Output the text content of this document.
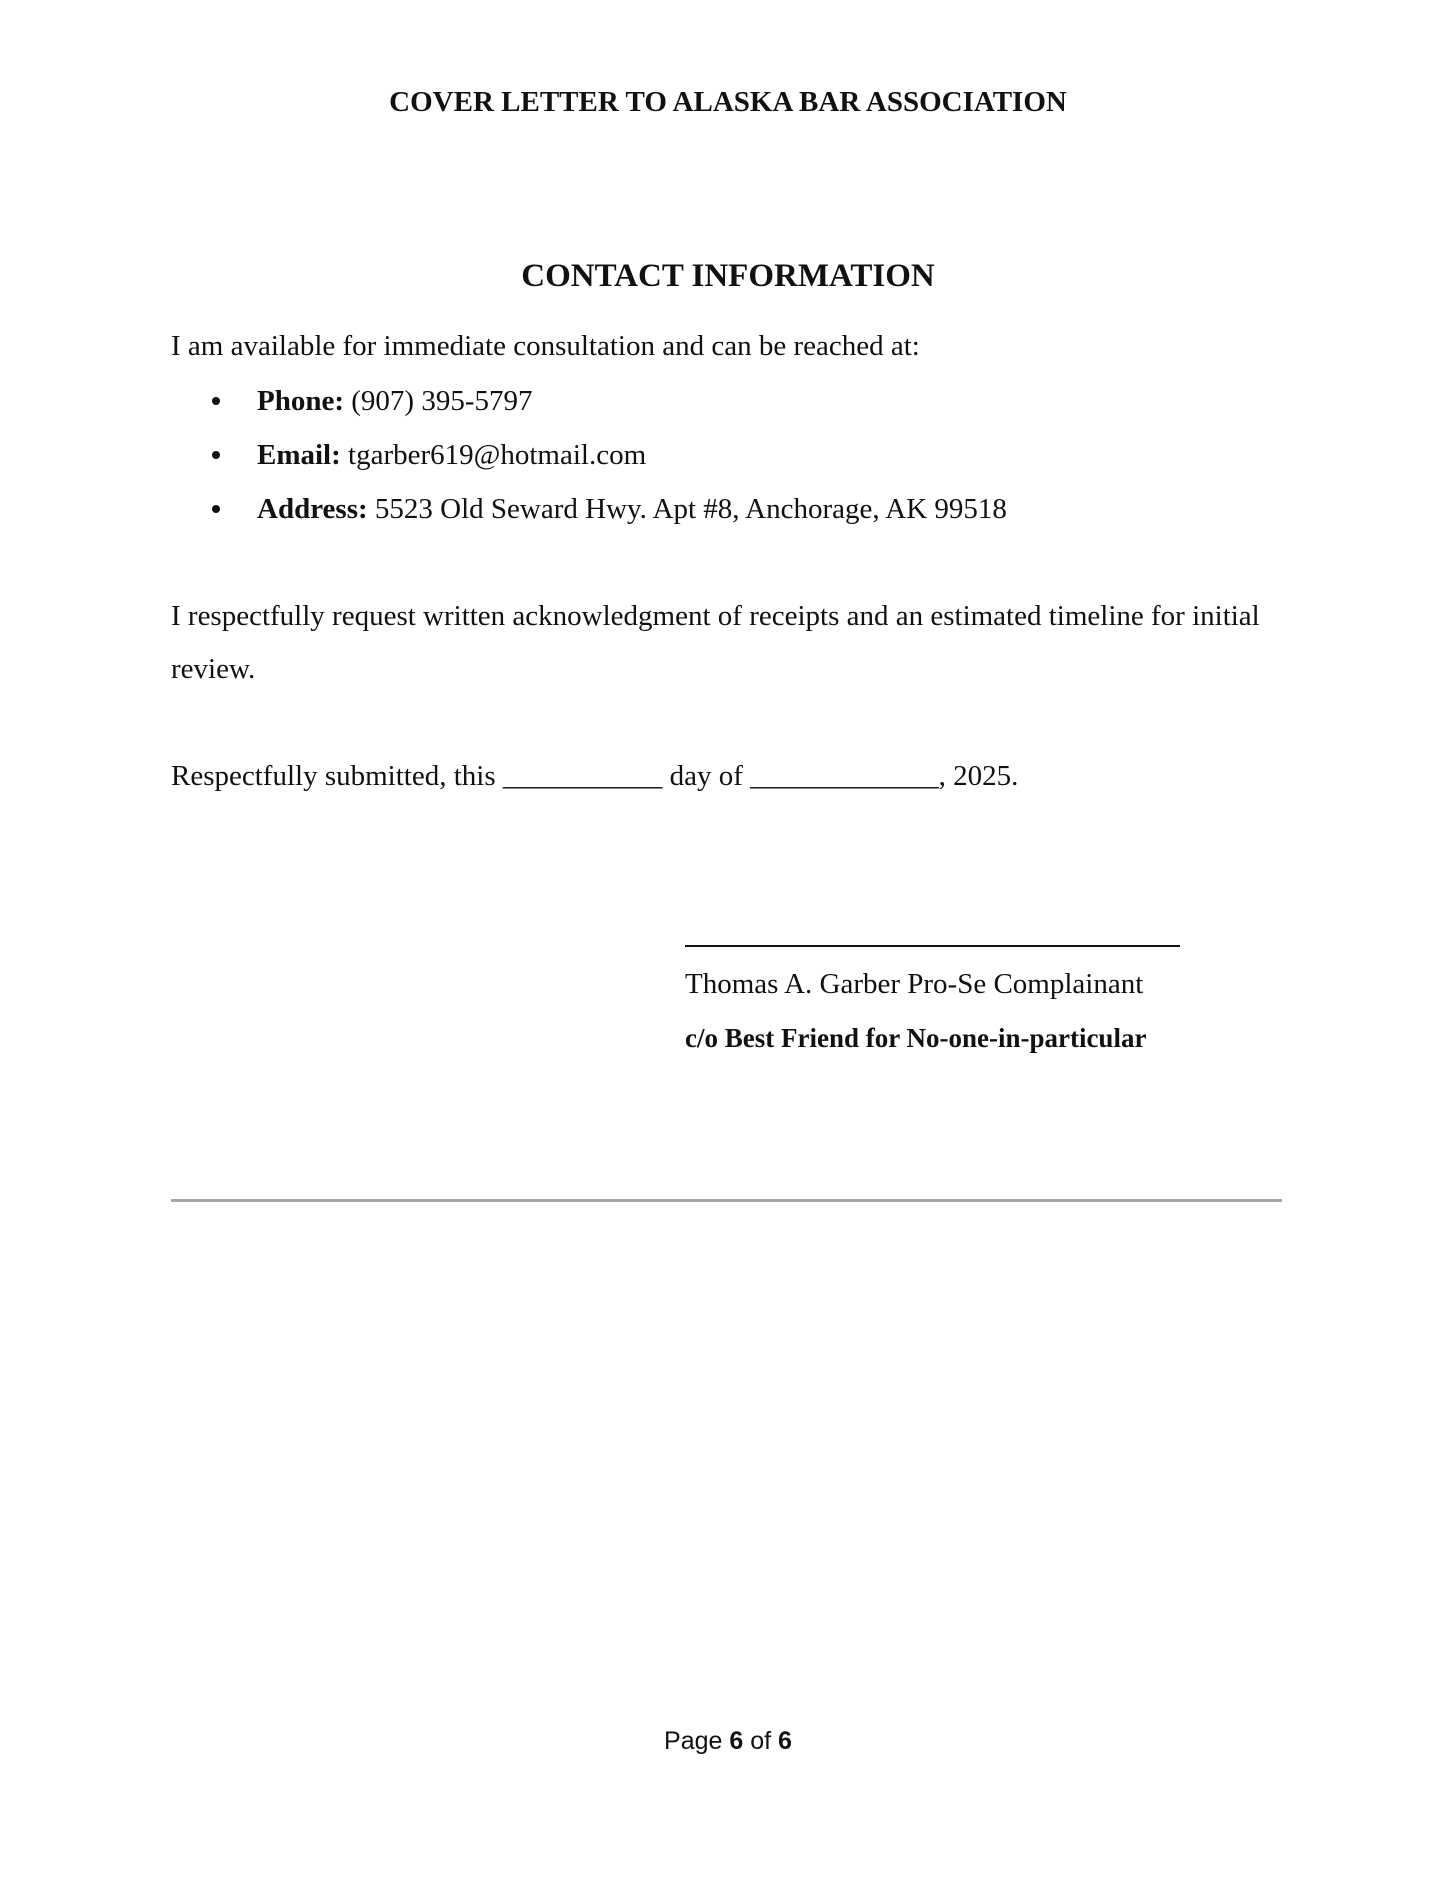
COVER LETTER TO ALASKA BAR ASSOCIATION
CONTACT INFORMATION

I am available for immediate consultation and can be reached at:

Phone: (907) 395-5797
Email: tgarber619@hotmail.com
Address: 5523 Old Seward Hwy. Apt #8, Anchorage, AK 99518

I respectfully request written acknowledgment of receipts and an estimated timeline for initial review.

Respectfully submitted, this ___________ day of _____________, 2025.

Thomas A. Garber Pro-Se Complainant

c/o Best Friend for No-one-in-particular

Page 6 of 6
